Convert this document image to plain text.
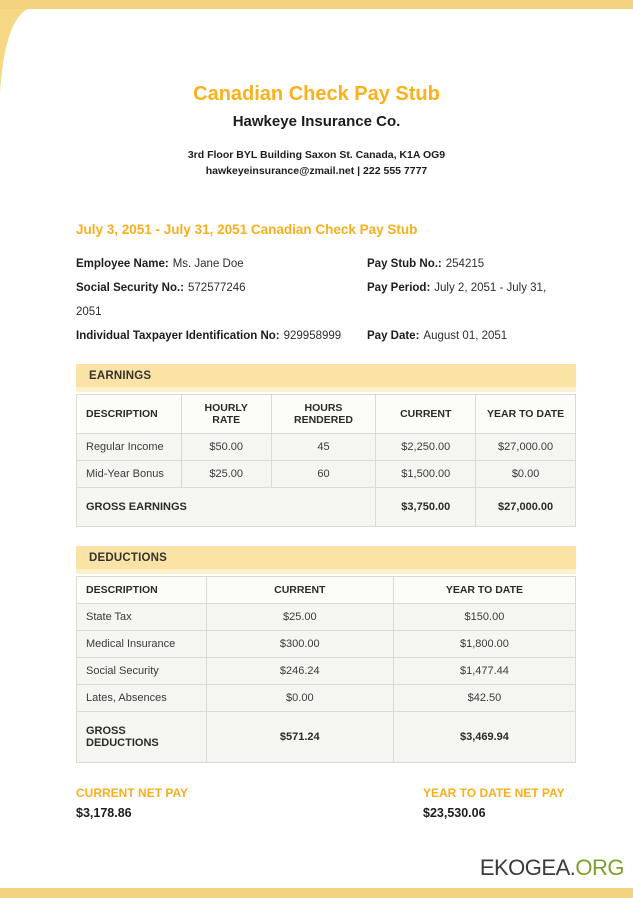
Canadian Check Pay Stub
Hawkeye Insurance Co.
3rd Floor BYL Building Saxon St. Canada, K1A OG9
hawkeyeinsurance@zmail.net | 222 555 7777
July 3, 2051 - July 31, 2051 Canadian Check Pay Stub
Employee Name: Ms. Jane Doe	Pay Stub No.: 254215
Social Security No.: 572577246	Pay Period: July 2, 2051 - July 31,
2051
Individual Taxpayer Identification No: 929958999	Pay Date: August 01, 2051
EARNINGS
DESCRIPTION	HOURLY RATE	HOURS RENDERED	CURRENT	YEAR TO DATE
Regular Income	$50.00	45	$2,250.00	$27,000.00
Mid-Year Bonus	$25.00	60	$1,500.00	$0.00
GROSS EARNINGS			$3,750.00	$27,000.00
DEDUCTIONS
DESCRIPTION	CURRENT	YEAR TO DATE
State Tax	$25.00	$150.00
Medical Insurance	$300.00	$1,800.00
Social Security	$246.24	$1,477.44
Lates, Absences	$0.00	$42.50
GROSS DEDUCTIONS	$571.24	$3,469.94
CURRENT NET PAY
$3,178.86
YEAR TO DATE NET PAY
$23,530.06
EKOGEA.ORG
